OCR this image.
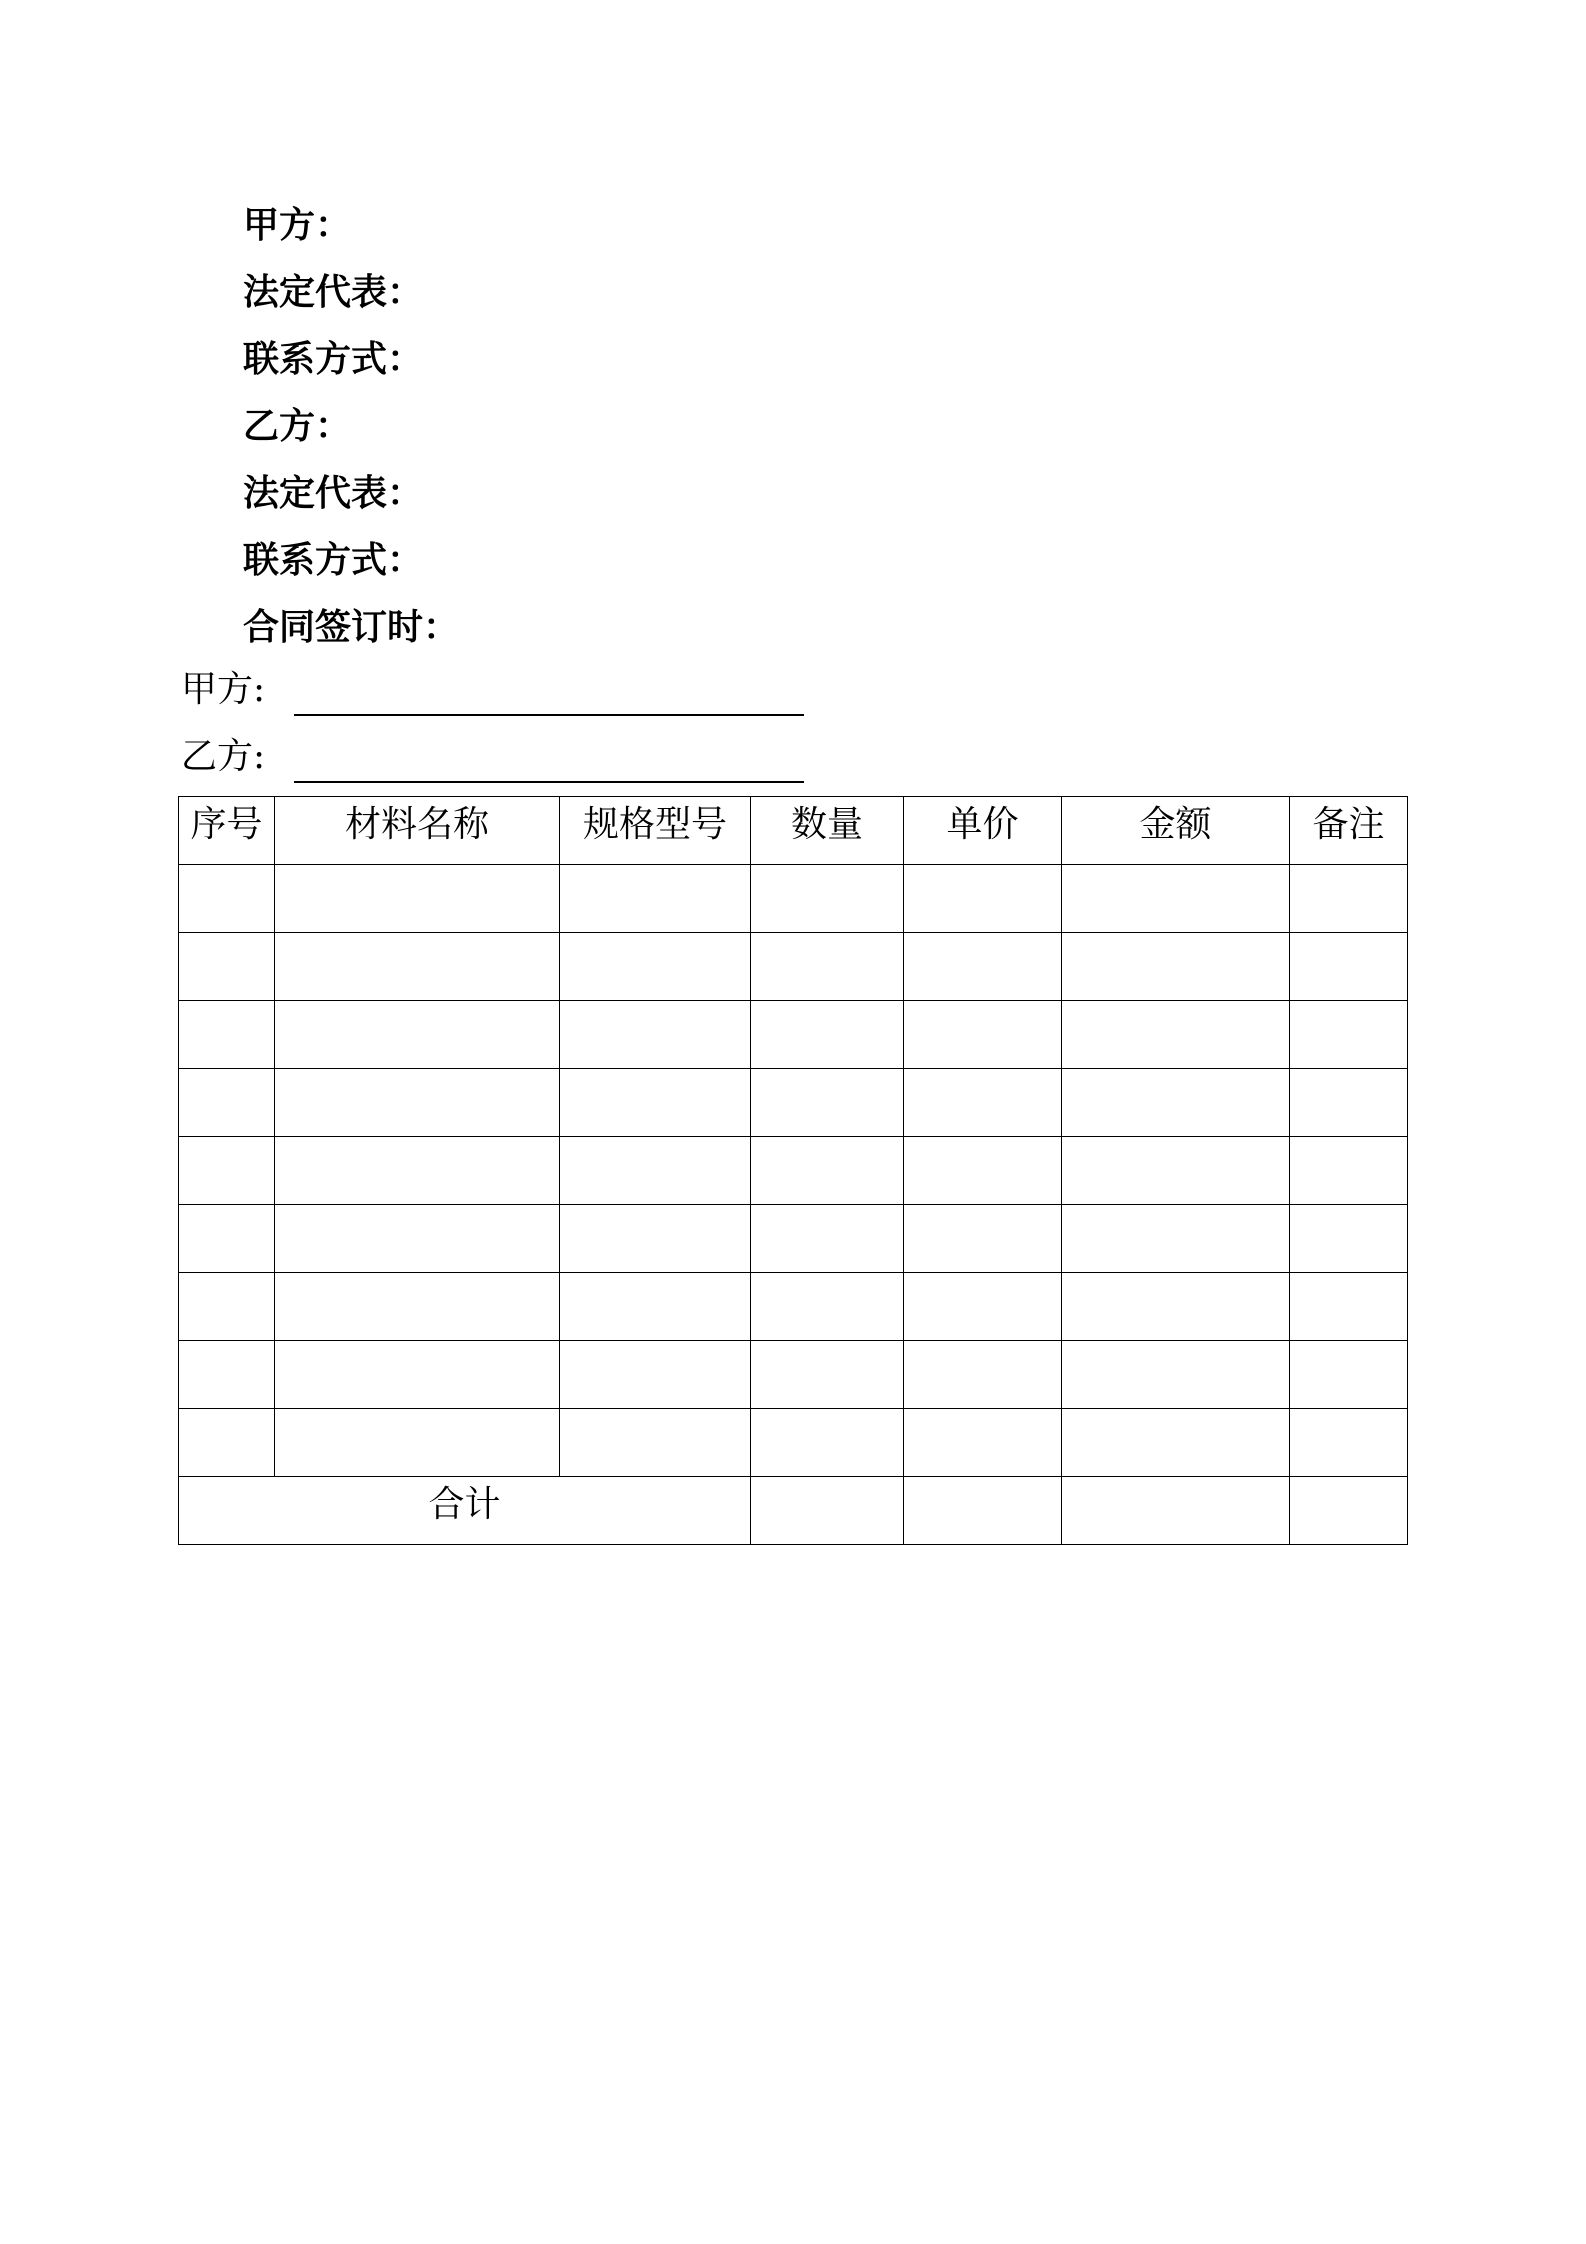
甲方：
法定代表：
联系方式：
乙方：
法定代表：
联系方式：
合同签订时：
甲方:
乙方:
序号	材料名称	规格型号	数量	单价	金额	备注

合计						
